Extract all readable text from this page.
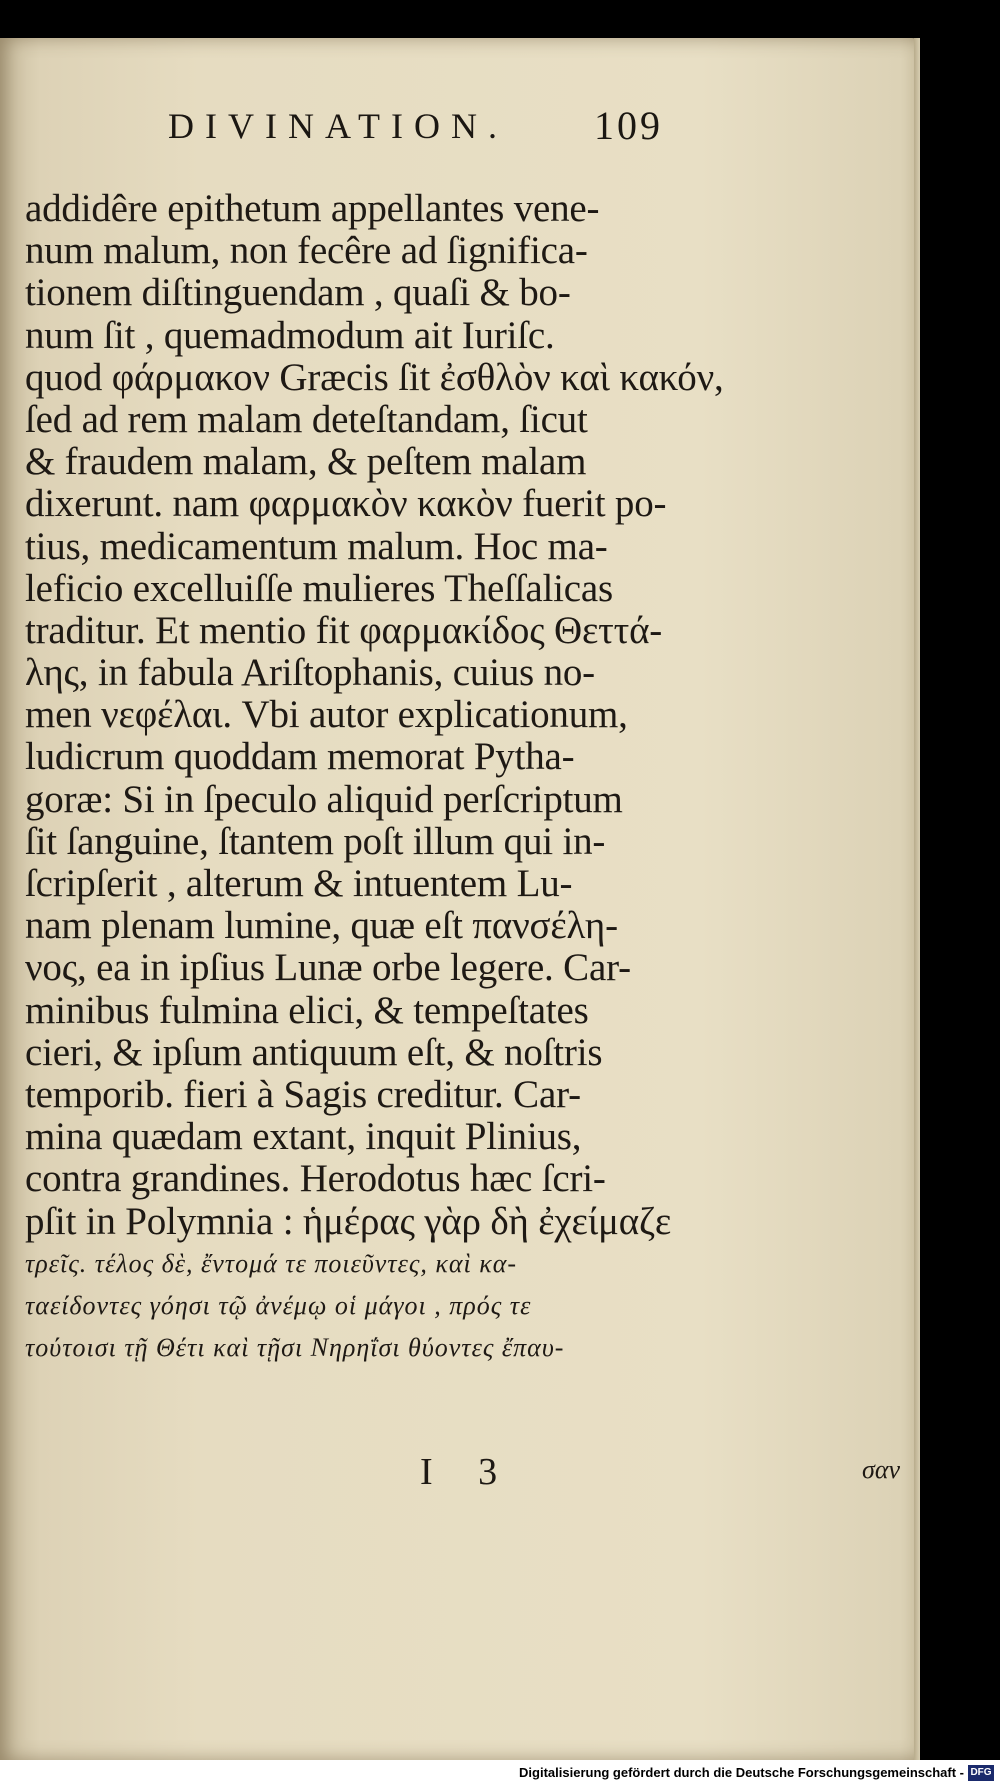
DIVINATION. 109
addidêre epithetum appellantes vene-
num malum, non fecêre ad ſignifica-
tionem diſtinguendam , quaſi & bo-
num ſit , quemadmodum ait Iuriſc.
quod φάρμακον Græcis ſit ἐσθλὸν καὶ κακόν,
ſed ad rem malam deteſtandam, ſicut
& fraudem malam, & peſtem malam
dixerunt. nam φαρμακὸν κακὸν fuerit po-
tius, medicamentum malum. Hoc ma-
leficio excelluiſſe mulieres Theſſalicas
traditur. Et mentio fit φαρμακίδος Θεττά-
λης, in fabula Ariſtophanis, cuius no-
men νεφέλαι. Vbi autor explicationum,
ludicrum quoddam memorat Pytha-
goræ: Si in ſpeculo aliquid perſcriptum
ſit ſanguine, ſtantem poſt illum qui in-
ſcripſerit , alterum & intuentem Lu-
nam plenam lumine, quæ eſt πανσέλη-
νος, ea in ipſius Lunæ orbe legere. Car-
minibus fulmina elici, & tempeſtates
cieri, & ipſum antiquum eſt, & noſtris
temporib. fieri à Sagis creditur. Car-
mina quædam extant, inquit Plinius,
contra grandines. Herodotus hæc ſcri-
pſit in Polymnia : ἡμέρας γὰρ δὴ ἐχείμαζε
τρεῖς. τέλος δὲ, ἔντομά τε ποιεῦντες, καὶ κα-
ταείδοντες γόησι τῷ ἀνέμῳ οἱ μάγοι , πρός τε
τούτοισι τῇ Θέτι καὶ τῇσι Νηρηΐσι θύοντες ἔπαυ-
I 3	σαν
Digitalisierung gefördert durch die Deutsche Forschungsgemeinschaft - DFG
